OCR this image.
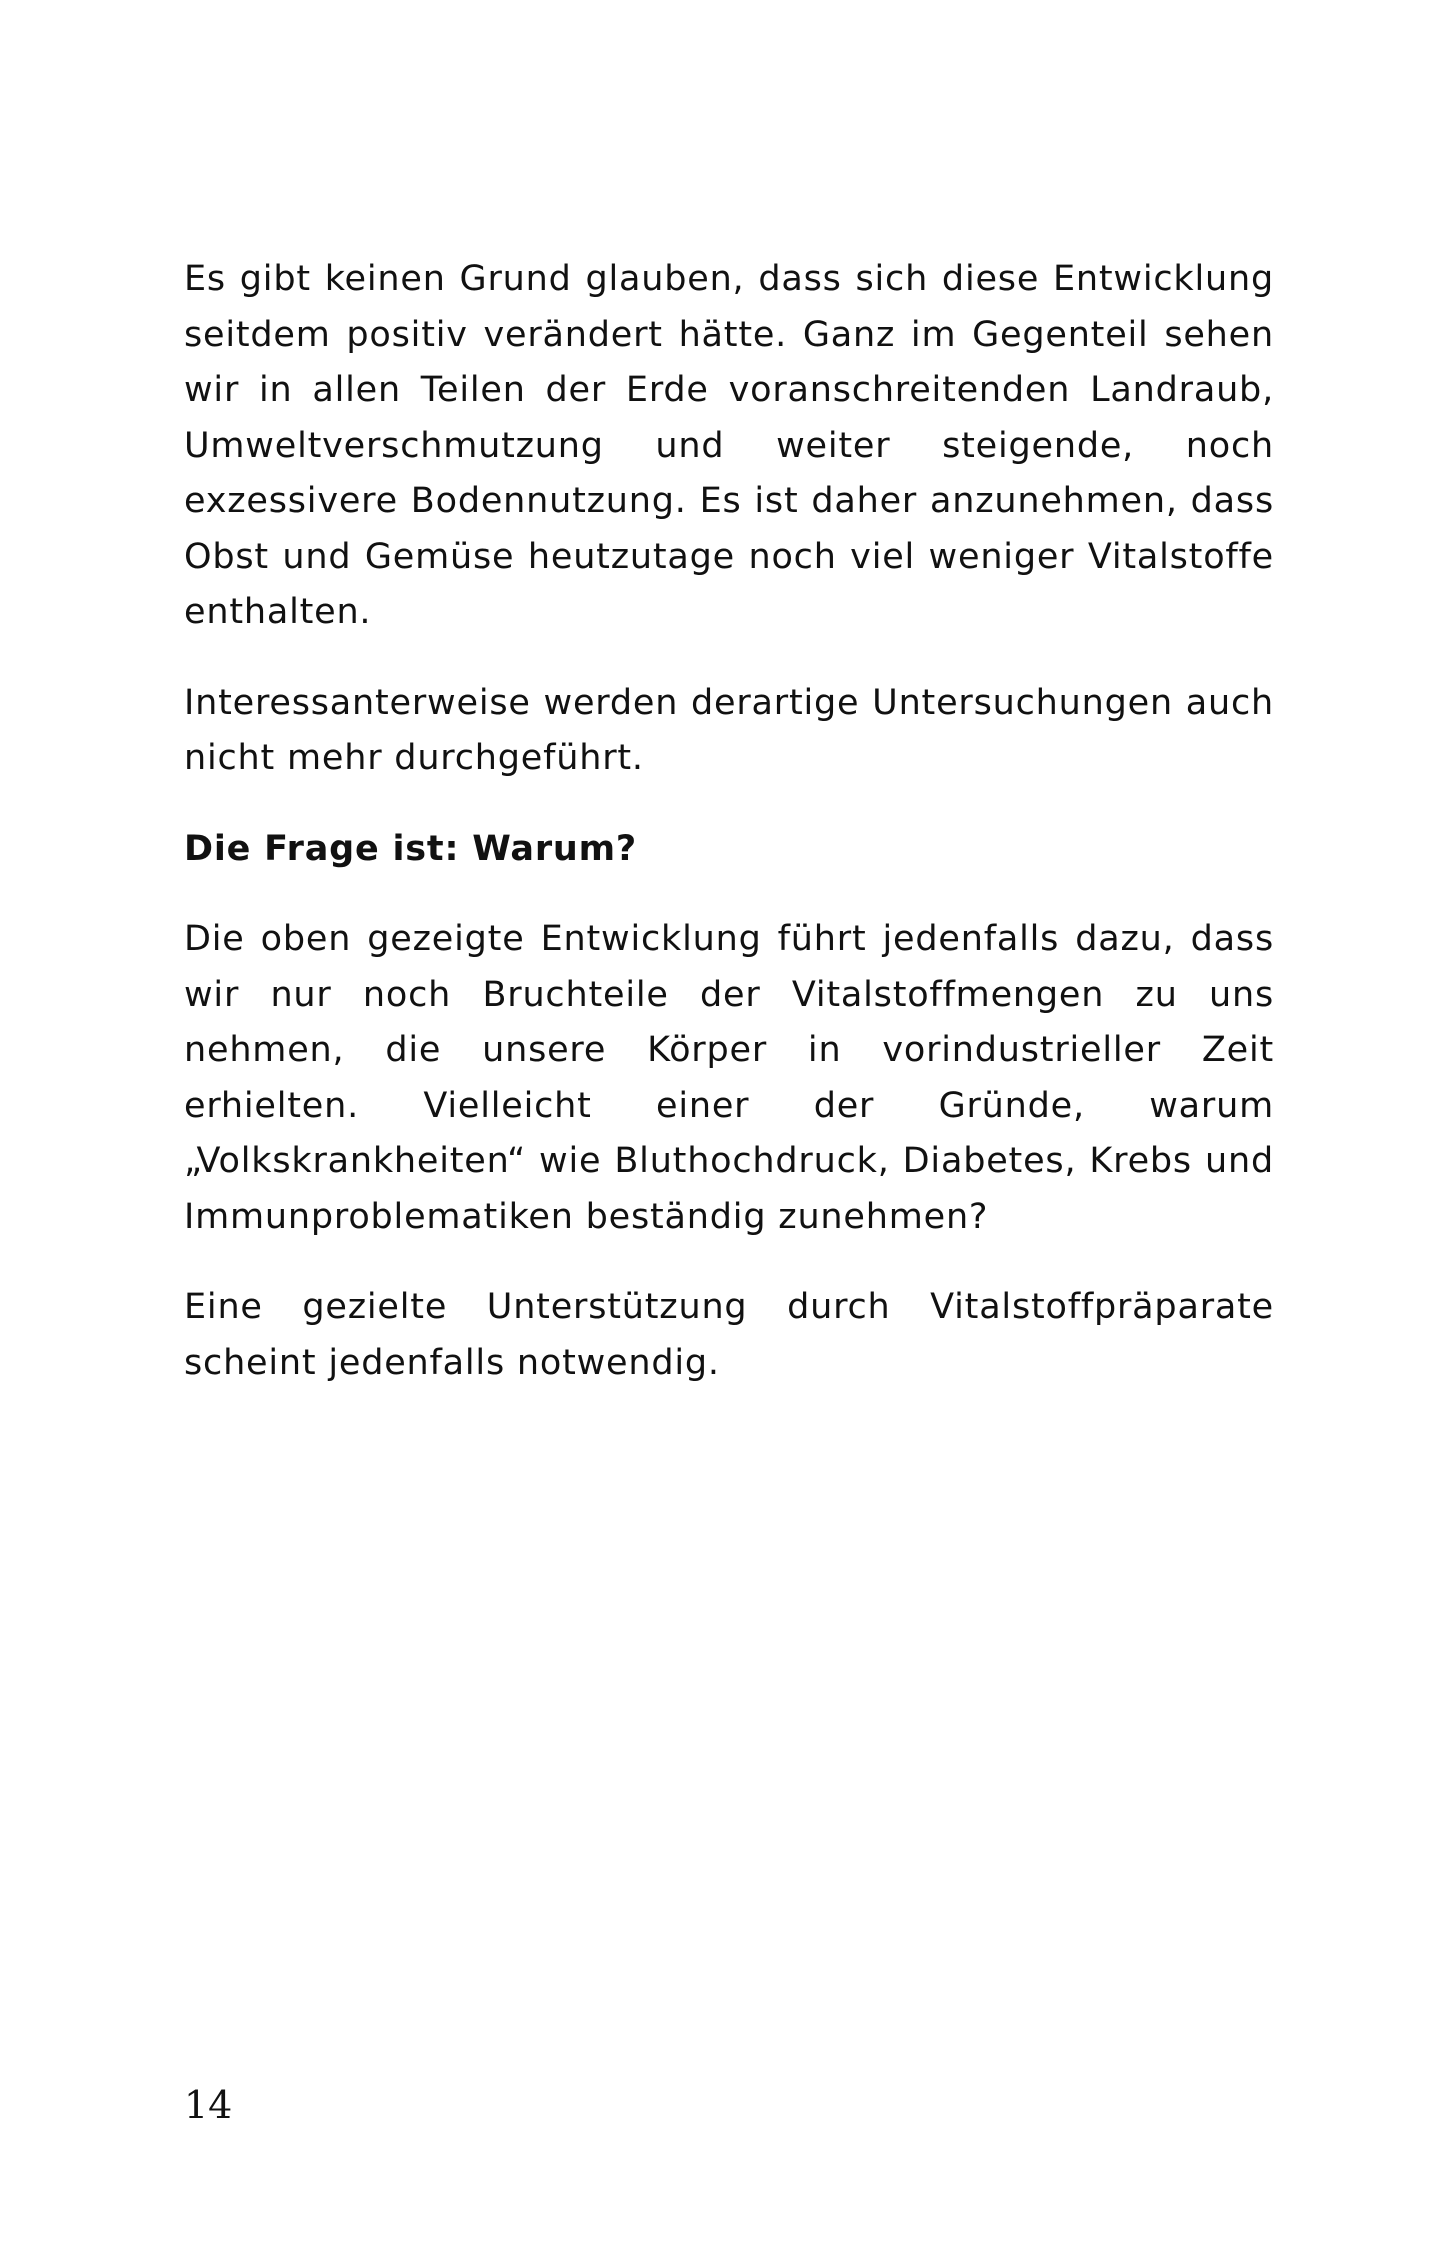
Es gibt keinen Grund glauben, dass sich diese Entwicklung seitdem positiv verändert hätte. Ganz im Gegenteil sehen wir in allen Teilen der Erde voranschreitenden Landraub, Umweltverschmutzung und weiter steigende, noch exzessivere Bodennutzung. Es ist daher anzunehmen, dass Obst und Gemüse heutzutage noch viel weniger Vitalstoffe enthalten.

Interessanterweise werden derartige Untersuchungen auch nicht mehr durchgeführt.

Die Frage ist: Warum?

Die oben gezeigte Entwicklung führt jedenfalls dazu, dass wir nur noch Bruchteile der Vitalstoffmengen zu uns nehmen, die unsere Körper in vorindustrieller Zeit erhielten. Vielleicht einer der Gründe, warum „Volkskrankheiten“ wie Bluthochdruck, Diabetes, Krebs und Immunproblematiken beständig zunehmen?

Eine gezielte Unterstützung durch Vitalstoffpräparate scheint jedenfalls notwendig.

14
